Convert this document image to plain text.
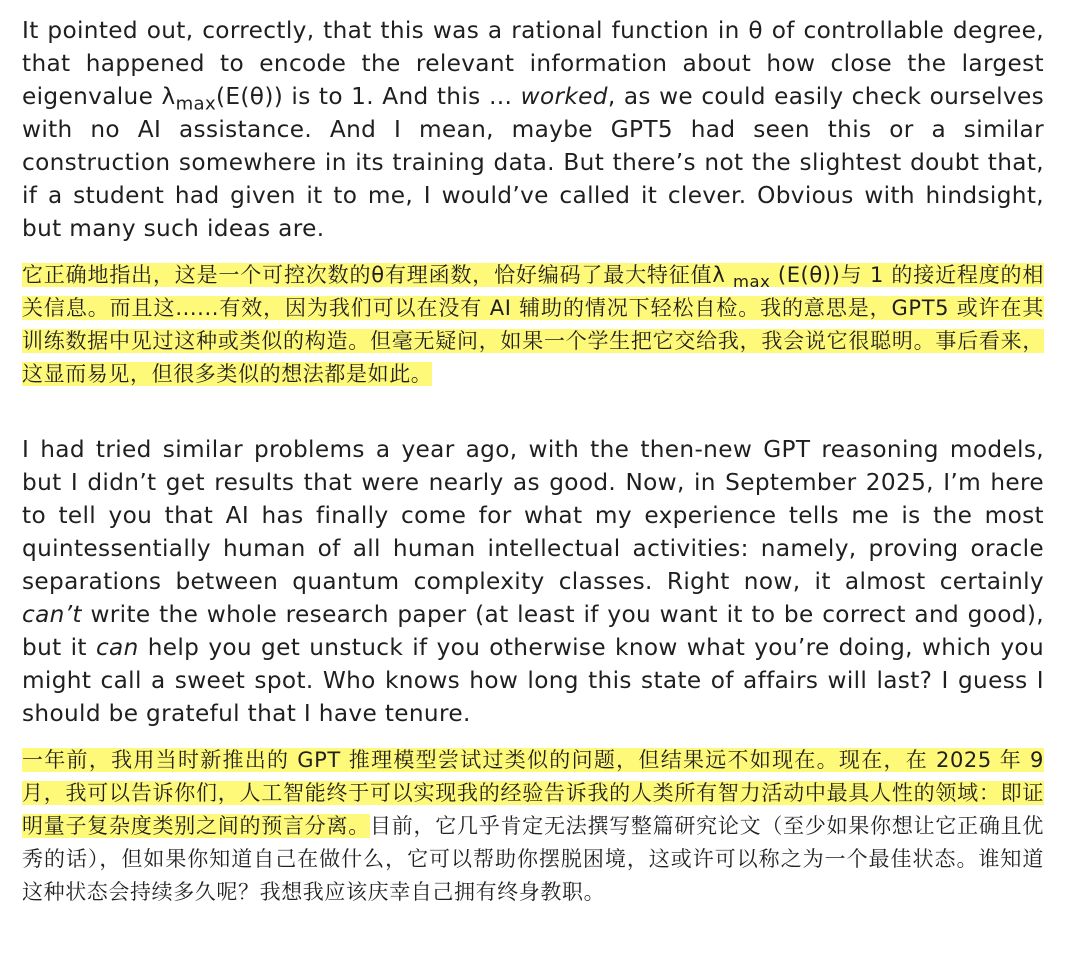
It pointed out, correctly, that this was a rational function in θ of controllable degree, that happened to encode the relevant information about how close the largest eigenvalue $\lambda_{max}(E(\theta))$ is to 1. And this … worked, as we could easily check ourselves with no AI assistance. And I mean, maybe GPT5 had seen this or a similar construction somewhere in its training data. But there’s not the slightest doubt that, if a student had given it to me, I would’ve called it clever. Obvious with hindsight, but many such ideas are.

它正确地指出，这是一个可控次数的θ有理函数，恰好编码了最大特征值λ $_{max}$ (E(θ))与 1 的接近程度的相关信息。而且这......有效，因为我们可以在没有 AI 辅助的情况下轻松自检。我的意思是，GPT5 或许在其训练数据中见过这种或类似的构造。但毫无疑问，如果一个学生把它交给我，我会说它很聪明。事后看来，这显而易见，但很多类似的想法都是如此。

I had tried similar problems a year ago, with the then-new GPT reasoning models, but I didn’t get results that were nearly as good. Now, in September 2025, I’m here to tell you that AI has finally come for what my experience tells me is the most quintessentially human of all human intellectual activities: namely, proving oracle separations between quantum complexity classes. Right now, it almost certainly can’t write the whole research paper (at least if you want it to be correct and good), but it can help you get unstuck if you otherwise know what you’re doing, which you might call a sweet spot. Who knows how long this state of affairs will last? I guess I should be grateful that I have tenure.

一年前，我用当时新推出的 GPT 推理模型尝试过类似的问题，但结果远不如现在。现在，在 2025 年 9 月，我可以告诉你们，人工智能终于可以实现我的经验告诉我的人类所有智力活动中最具人性的领域：即证明量子复杂度类别之间的预言分离。目前，它几乎肯定无法撰写整篇研究论文（至少如果你想让它正确且优秀的话），但如果你知道自己在做什么，它可以帮助你摆脱困境，这或许可以称之为一个最佳状态。谁知道这种状态会持续多久呢？我想我应该庆幸自己拥有终身教职。
